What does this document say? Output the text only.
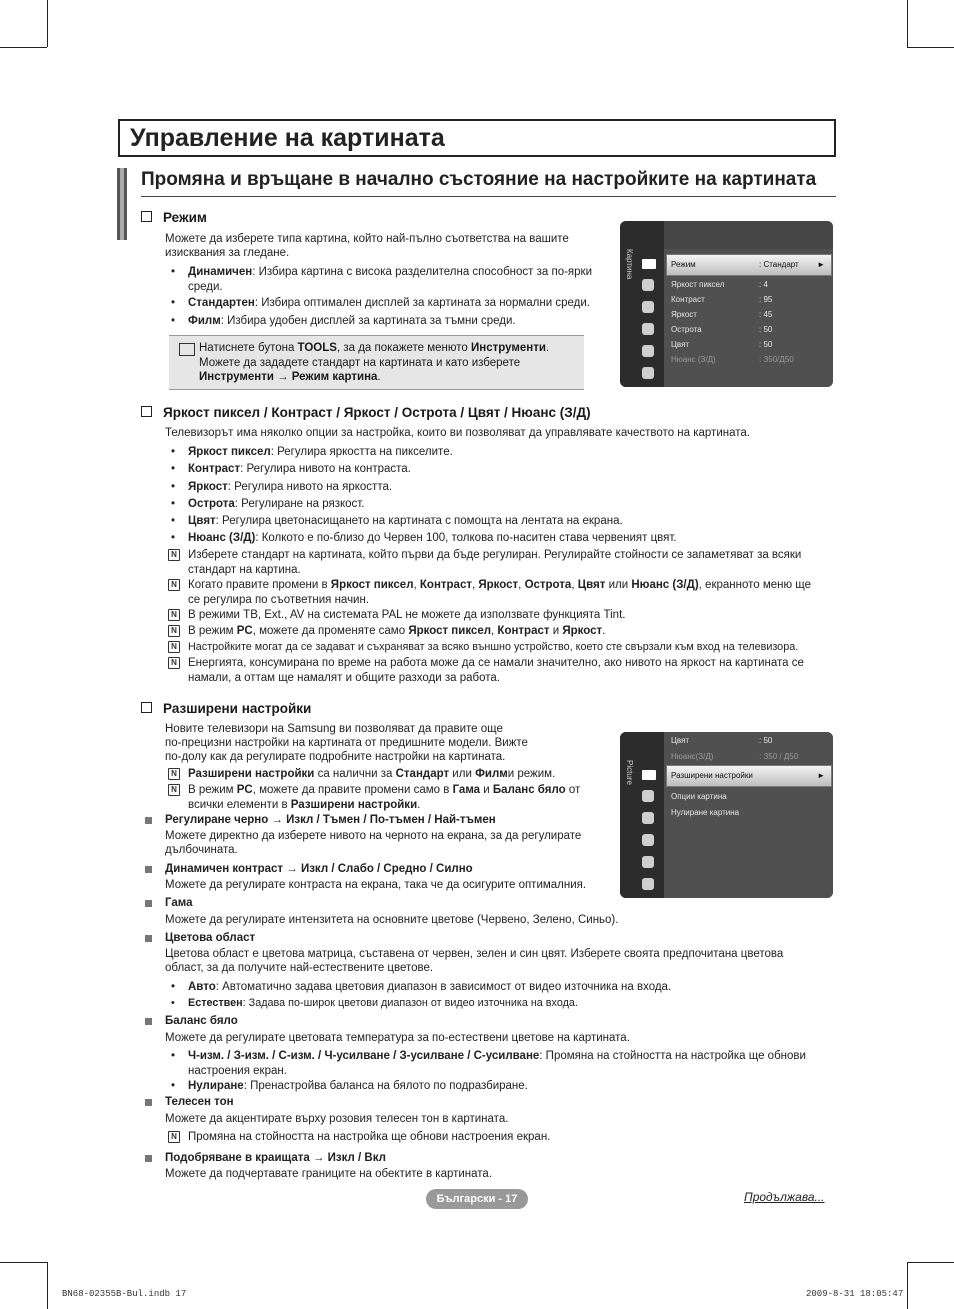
Управление на картината
Промяна и връщане в начално състояние на настройките на картината
Режим
Можете да изберете типа картина, който най-пълно съответства на вашите
изисквания за гледане.
• Динамичен: Избира картина с висока разделителна способност за по-ярки
среди.
• Стандартен: Избира оптимален дисплей за картината за нормални среди.
• Филм: Избира удобен дисплей за картината за тъмни среди.
Натиснете бутона TOOLS, за да покажете менюто Инструменти.
Можете да зададете стандарт на картината и като изберете
Инструменти → Режим картина.
Картина	Режим	: Стандарт ►
Яркост пиксел	: 4
Контраст	: 95
Яркост	: 45
Острота	: 50
Цвят	: 50
Нюанс (З/Д)	: З50/Д50
Яркост пиксел / Контраст / Яркост / Острота / Цвят / Нюанс (З/Д)
Телевизорът има няколко опции за настройка, които ви позволяват да управлявате качеството на картината.
• Яркост пиксел: Регулира яркостта на пикселите.
• Контраст: Регулира нивото на контраста.
• Яркост: Регулира нивото на яркостта.
• Острота: Регулиране на рязкост.
• Цвят: Регулира цветонасищането на картината с помощта на лентата на екрана.
• Нюанс (З/Д): Колкото е по-близо до Червен 100, толкова по-наситен става червеният цвят.
N Изберете стандарт на картината, който първи да бъде регулиран. Регулирайте стойности се запаметяват за всяки
стандарт на картина.
N Когато правите промени в Яркост пиксел, Контраст, Яркост, Острота, Цвят или Нюанс (З/Д), екранното меню ще
се регулира по съответния начин.
N В режими ТВ, Ext., AV на системата PAL не можете да използвате функцията Tint.
N В режим PC, можете да променяте само Яркост пиксел, Контраст и Яркост.
N Настройките могат да се задават и съхраняват за всяко външно устройство, което сте свързали към вход на телевизора.
N Енергията, консумирана по време на работа може да се намали значително, ако нивото на яркост на картината се
намали, а оттам ще намалят и общите разходи за работа.
Разширени настройки
Новите телевизори на Samsung ви позволяват да правите още
по-прецизни настройки на картината от предишните модели. Вижте
по-долу как да регулирате подробните настройки на картината.
N Разширени настройки са налични за Стандарт или Филми режим.
N В режим PC, можете да правите промени само в Гама и Баланс бяло от
всички елементи в Разширени настройки.
Регулиране черно → Изкл / Тъмен / По-тъмен / Най-тъмен
Можете директно да изберете нивото на черното на екрана, за да регулирате
дълбочината.
Динамичен контраст → Изкл / Слабо / Средно / Силно
Можете да регулирате контраста на екрана, така че да осигурите оптималния.
Гама
Можете да регулирате интензитета на основните цветове (Червено, Зелено, Синьо).
Цветова област
Цветова област е цветова матрица, съставена от червен, зелен и син цвят. Изберете своята предпочитана цветова
област, за да получите най-естествените цветове.
• Авто: Автоматично задава цветовия диапазон в зависимост от видео източника на входа.
• Естествен: Задава по-широк цветови диапазон от видео източника на входа.
Баланс бяло
Можете да регулирате цветовата температура за по-естествени цветове на картината.
• Ч-изм. / З-изм. / С-изм. / Ч-усилване / З-усилване / С-усилване: Промяна на стойността на настройка ще обнови
настроения екран.
• Нулиране: Пренастройва баланса на бялото по подразбиране.
Телесен тон
Можете да акцентирате върху розовия телесен тон в картината.
N Промяна на стойността на настройка ще обнови настроения екран.
Подобряване в краищата → Изкл / Вкл
Можете да подчертавате границите на обектите в картината.
Picture
Цвят	: 50
Нюанс(З/Д)	: З50 / Д50
Разширени настройки	►
Опции картина
Нулиране картина
Български - 17	Продължава...
BN68-02355B-Bul.indb 17	2009-8-31 18:05:47
